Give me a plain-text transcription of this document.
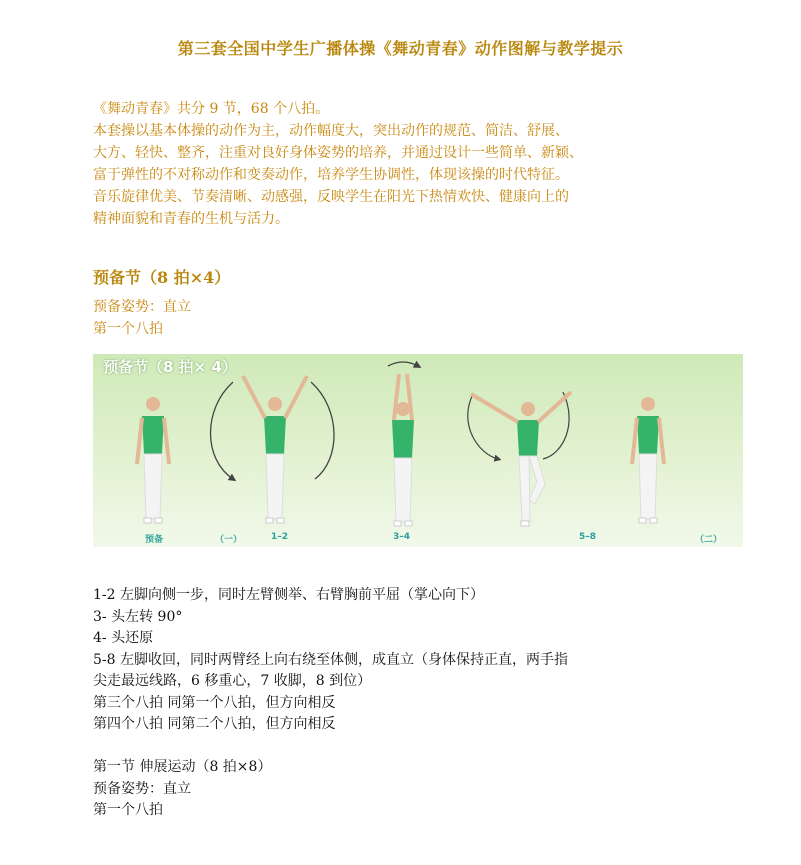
第三套全国中学生广播体操《舞动青春》动作图解与教学提示
《舞动青春》共分 9 节，68 个八拍。
本套操以基本体操的动作为主，动作幅度大，突出动作的规范、简洁、舒展、
大方、轻快、整齐，注重对良好身体姿势的培养，并通过设计一些简单、新颖、
富于弹性的不对称动作和变奏动作，培养学生协调性，体现该操的时代特征。
音乐旋律优美、节奏清晰、动感强，反映学生在阳光下热情欢快、健康向上的
精神面貌和青春的生机与活力。
预备节（8 拍×4）
预备姿势：直立
第一个八拍
预备节（8 拍× 4）
预备	（一）	1–2	3–4	5–8	（二）
1-2 左脚向侧一步，同时左臂侧举、右臂胸前平屈（掌心向下）
3- 头左转 90°
4- 头还原
5-8 左脚收回，同时两臂经上向右绕至体侧，成直立（身体保持正直，两手指
尖走最远线路，6 移重心，7 收脚，8 到位）
第三个八拍 同第一个八拍，但方向相反
第四个八拍 同第二个八拍，但方向相反
第一节 伸展运动（8 拍×8）
预备姿势：直立
第一个八拍
